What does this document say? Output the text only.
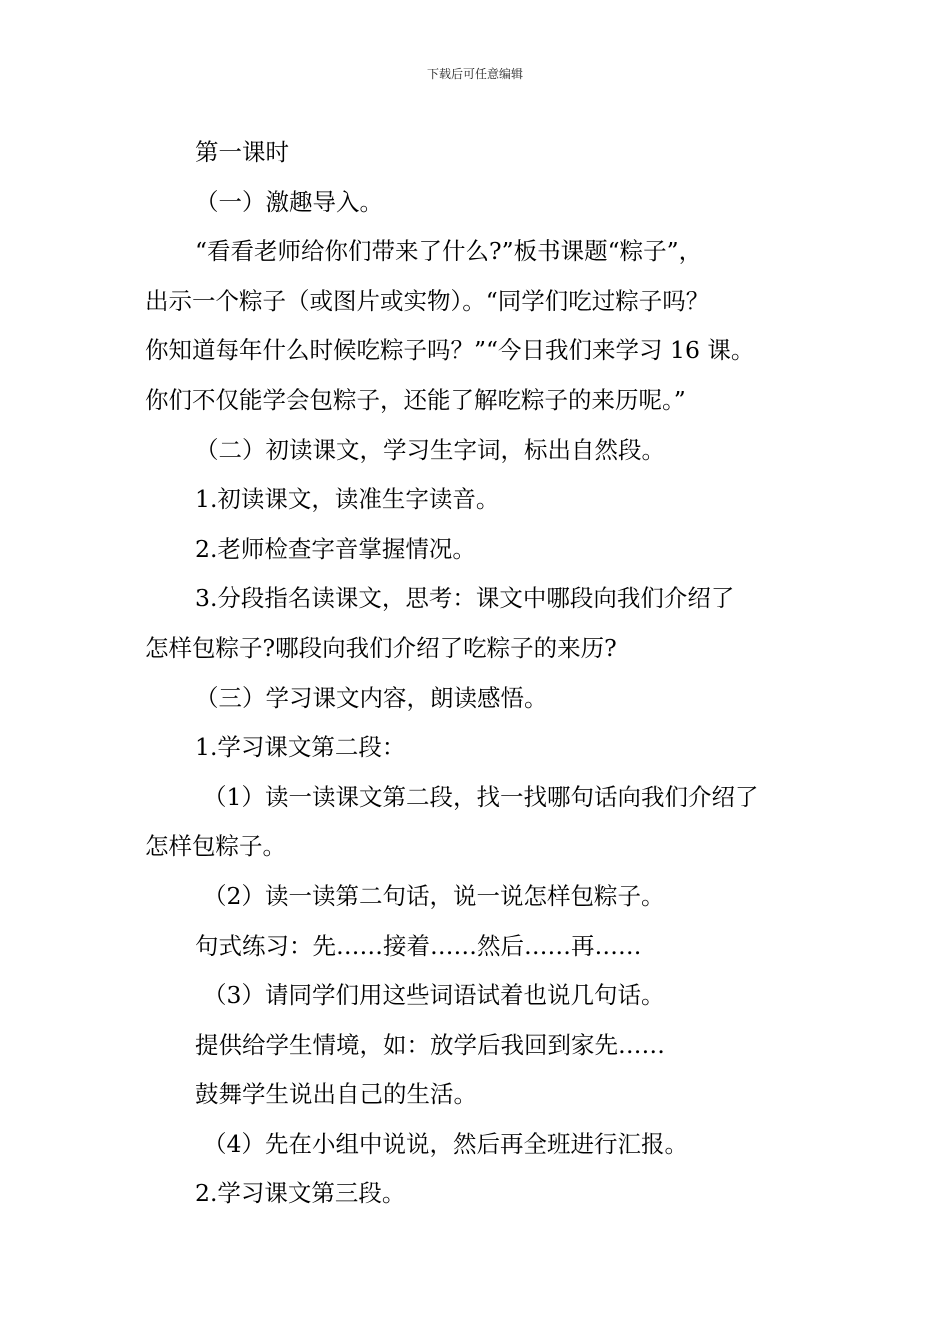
下载后可任意编辑

第一课时

（一）激趣导入。

“看看老师给你们带来了什么?”板书课题“粽子”，

出示一个粽子（或图片或实物）。“同学们吃过粽子吗？

你知道每年什么时候吃粽子吗？”“今日我们来学习 16 课。

你们不仅能学会包粽子，还能了解吃粽子的来历呢。”

（二）初读课文，学习生字词，标出自然段。

1.初读课文，读准生字读音。

2.老师检查字音掌握情况。

3.分段指名读课文，思考：课文中哪段向我们介绍了

怎样包粽子?哪段向我们介绍了吃粽子的来历?

（三）学习课文内容，朗读感悟。

1.学习课文第二段：

（1）读一读课文第二段，找一找哪句话向我们介绍了

怎样包粽子。

（2）读一读第二句话，说一说怎样包粽子。

句式练习：先……接着……然后……再……

（3）请同学们用这些词语试着也说几句话。

提供给学生情境，如：放学后我回到家先……

鼓舞学生说出自己的生活。

（4）先在小组中说说，然后再全班进行汇报。

2.学习课文第三段。
